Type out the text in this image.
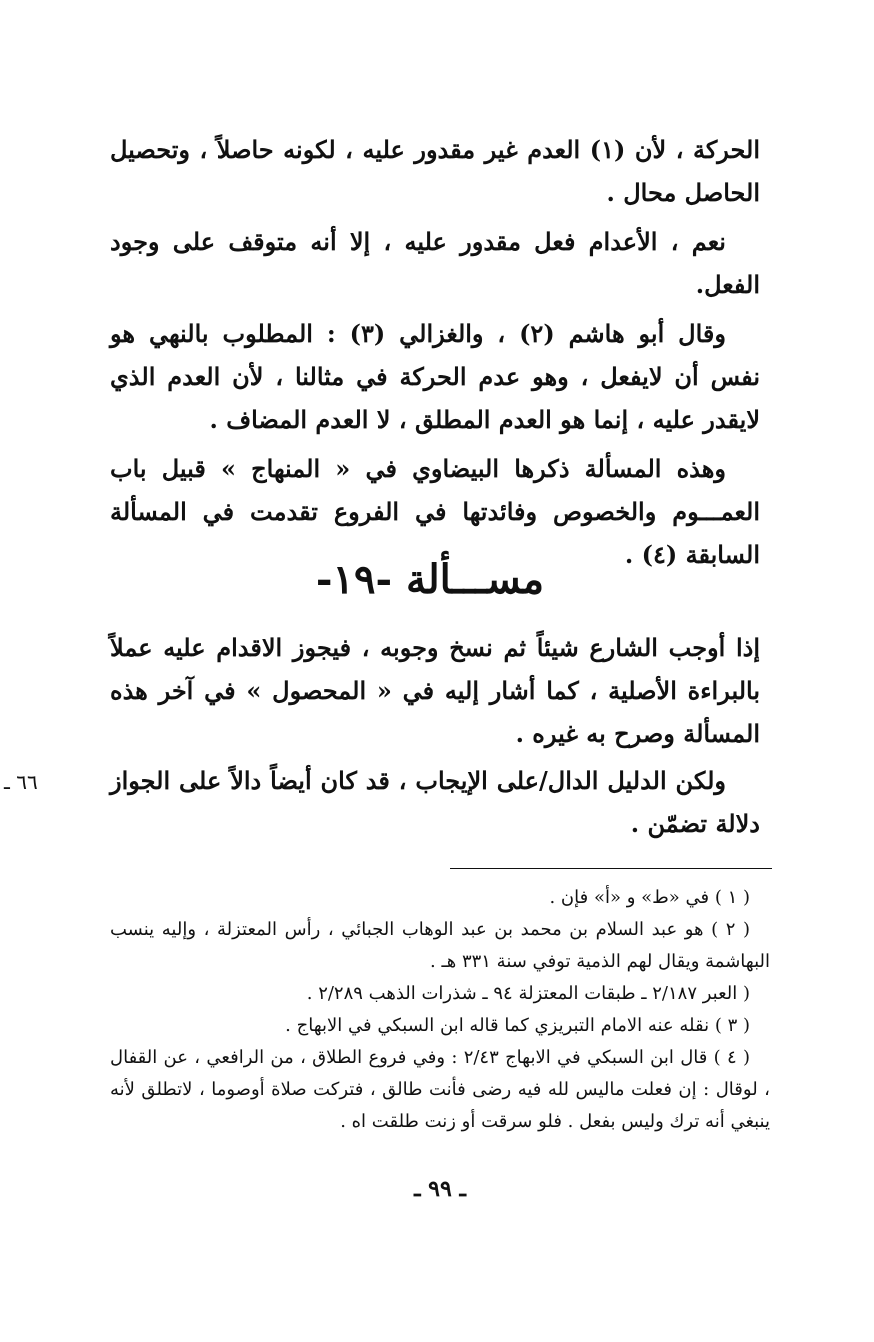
الحركة ، لأن (١) العدم غير مقدور عليه ، لكونه حاصلاً ، وتحصيل الحاصل محال .

نعم ، الأعدام فعل مقدور عليه ، إلا أنه متوقف على وجود الفعل.

وقال أبو هاشم (٢) ، والغزالي (٣) : المطلوب بالنهي هو نفس أن لايفعل ، وهو عدم الحركة في مثالنا ، لأن العدم الذي لايقدر عليه ، إنما هو العدم المطلق ، لا العدم المضاف .

وهذه المسألة ذكرها البيضاوي في « المنهاج » قبيل باب العمـــوم والخصوص وفائدتها في الفروع تقدمت في المسألة السابقة (٤) .

مســـألة -١٩-

إذا أوجب الشارع شيئاً ثم نسخ وجوبه ، فيجوز الاقدام عليه عملاً بالبراءة الأصلية ، كما أشار إليه في « المحصول » في آخر هذه المسألة وصرح به غيره .

ولكن الدليل الدال/على الإيجاب ، قد كان أيضاً دالاً على الجواز دلالة تضمّن .

٦٦ ـ

( ١ ) في «ط» و «أ» فإن .

( ٢ ) هو عبد السلام بن محمد بن عبد الوهاب الجبائي ، رأس المعتزلة ، وإليه ينسب البهاشمة ويقال لهم الذمية توفي سنة ٣٣١ هـ .

( العبر ٢/١٨٧ ـ طبقات المعتزلة ٩٤ ـ شذرات الذهب ٢/٢٨٩ .

( ٣ ) نقله عنه الامام التبريزي كما قاله ابن السبكي في الابهاج .

( ٤ ) قال ابن السبكي في الابهاج ٢/٤٣ : وفي فروع الطلاق ، من الرافعي ، عن القفال ، لوقال : إن فعلت ماليس لله فيه رضى فأنت طالق ، فتركت صلاة أوصوما ، لاتطلق لأنه ينبغي أنه ترك وليس بفعل . فلو سرقت أو زنت طلقت اه .

ـ ٩٩ ـ
